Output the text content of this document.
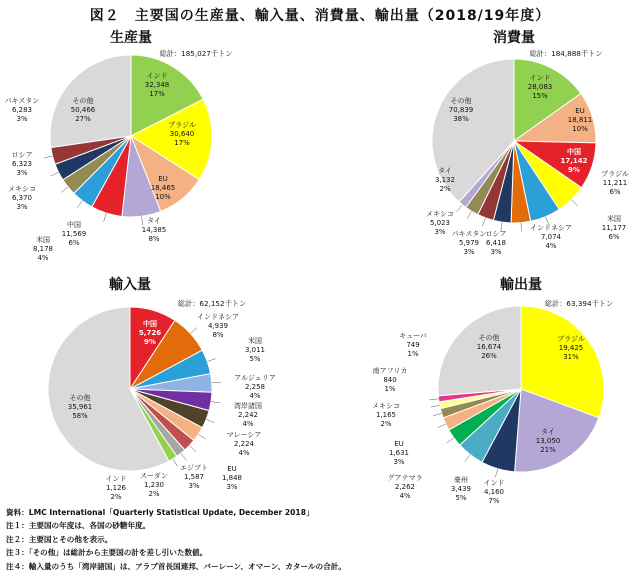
図２　主要国の生産量、輸入量、消費量、輸出量（2018/19年度）
生産量
総計：185,027千トン
インド 32,348 17%
ブラジル 30,640 17%
EU 18,465 10%
タイ 14,385 8%
中国 11,569 6%
米国 8,178 4%
メキシコ 6,370 3%
ロシア 6,323 3%
パキスタン 6,283 3%
その他 50,466 27%
消費量
総計：184,888千トン
インド 28,083 15%
EU 18,811 10%
中国 17,142 9%	ブラジル 11,211 6%
米国 11,177 6%
インドネシア 7,074 4%
ロシア 6,418 3%
パキスタン 5,979 3%
メキシコ 5,023 3%
タイ 3,132 2%
その他 70,839 38%
輸入量
総計：62,152千トン
中国 5,726 9%
インドネシア 4,939 8%
米国 3,011 5%
アルジェリア 2,258 4%
湾岸諸国 2,242 4%
マレーシア 2,224 4%
EU 1,848 3%
エジプト 1,587 3%
スーダン 1,230 2%
インド 1,126 2%
その他 35,961 58%
輸出量
総計：63,394千トン
ブラジル 19,425 31%
タイ 13,050 21%
インド 4,160 7%
豪州 3,439 5%
グアテマラ 2,262 4%
EU 1,631 3%
メキシコ 1,165 2%
南アフリカ 840 1%
キューバ 749 1%
その他 16,674 26%
資料：LMC International「Quarterly Statistical Update, December 2018」
注１：主要国の年度は、各国の砂糖年度。
注２：主要国とその他を表示。
注３：「その他」は総計から主要国の計を差し引いた数値。
注４：輸入量のうち「湾岸諸国」は、アラブ首長国連邦、バーレーン、オマーン、カタールの合計。
